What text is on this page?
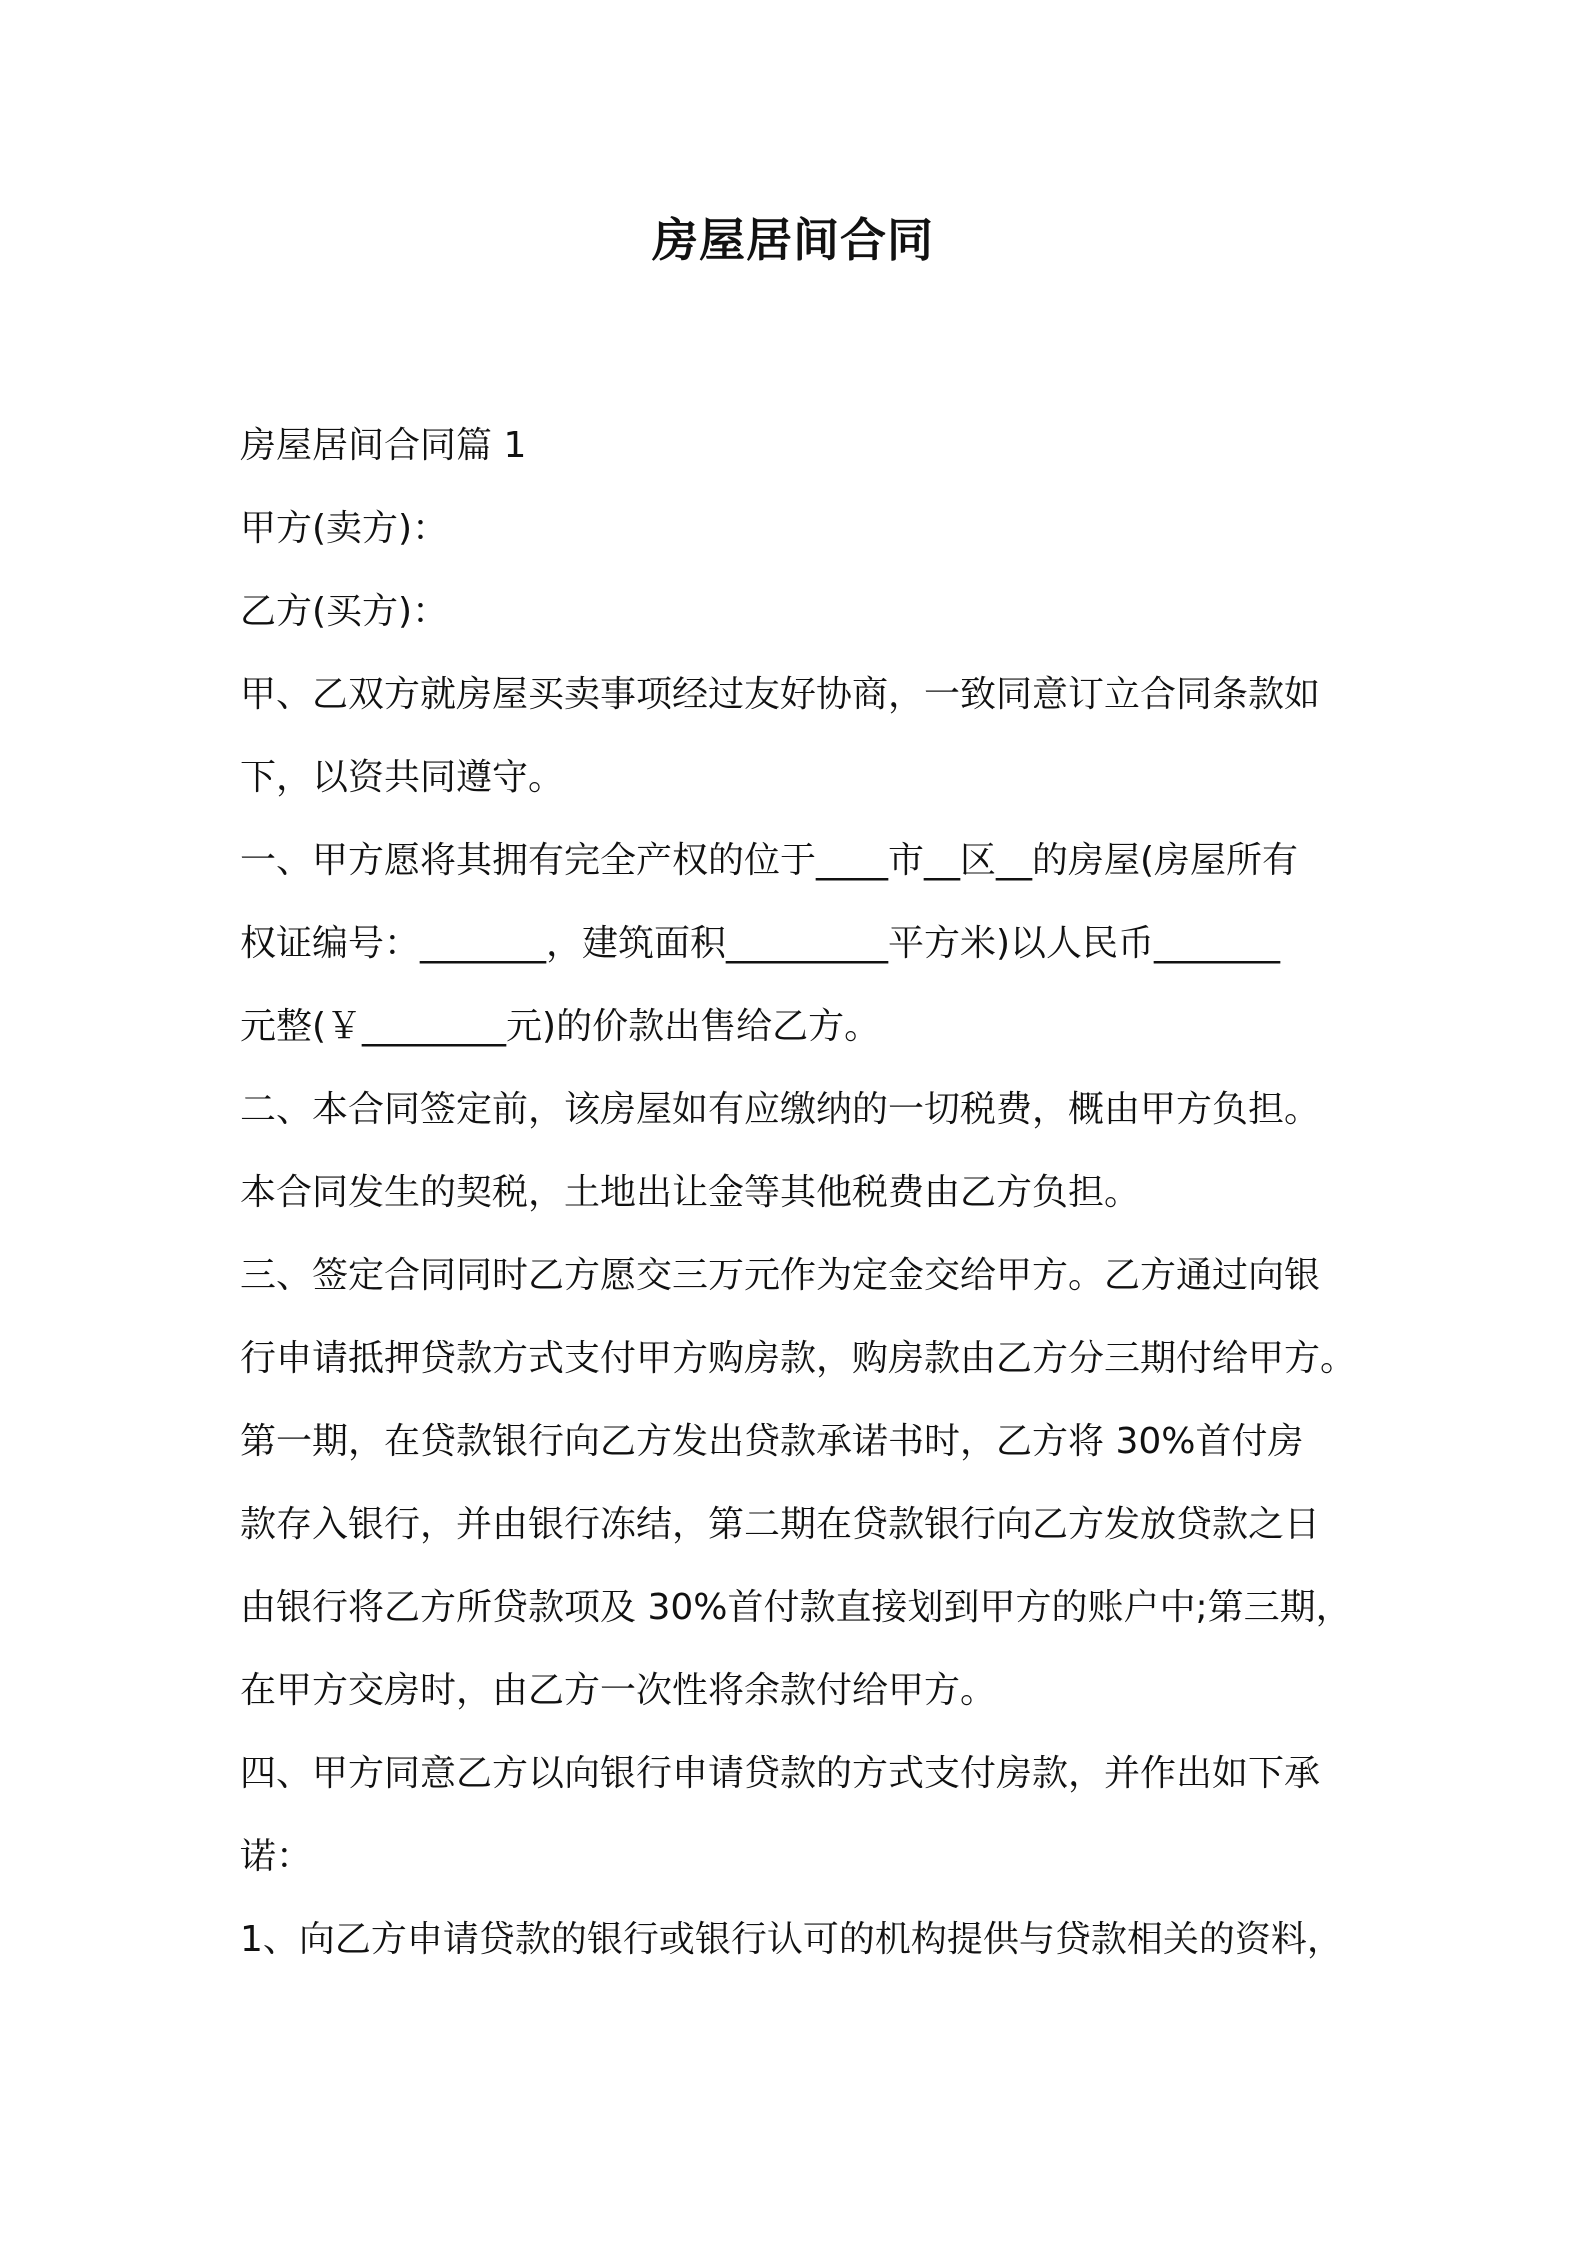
房屋居间合同
房屋居间合同篇 1
甲方(卖方)：
乙方(买方)：
甲、乙双方就房屋买卖事项经过友好协商，一致同意订立合同条款如
下，以资共同遵守。
一、甲方愿将其拥有完全产权的位于____市__区__的房屋(房屋所有
权证编号：_______，建筑面积_________平方米)以人民币_______
元整(￥________元)的价款出售给乙方。
二、本合同签定前，该房屋如有应缴纳的一切税费，概由甲方负担。
本合同发生的契税，土地出让金等其他税费由乙方负担。
三、签定合同同时乙方愿交三万元作为定金交给甲方。乙方通过向银
行申请抵押贷款方式支付甲方购房款，购房款由乙方分三期付给甲方。
第一期，在贷款银行向乙方发出贷款承诺书时，乙方将 30%首付房
款存入银行，并由银行冻结，第二期在贷款银行向乙方发放贷款之日
由银行将乙方所贷款项及 30%首付款直接划到甲方的账户中;第三期，
在甲方交房时，由乙方一次性将余款付给甲方。
四、甲方同意乙方以向银行申请贷款的方式支付房款，并作出如下承
诺：
1、向乙方申请贷款的银行或银行认可的机构提供与贷款相关的资料，
